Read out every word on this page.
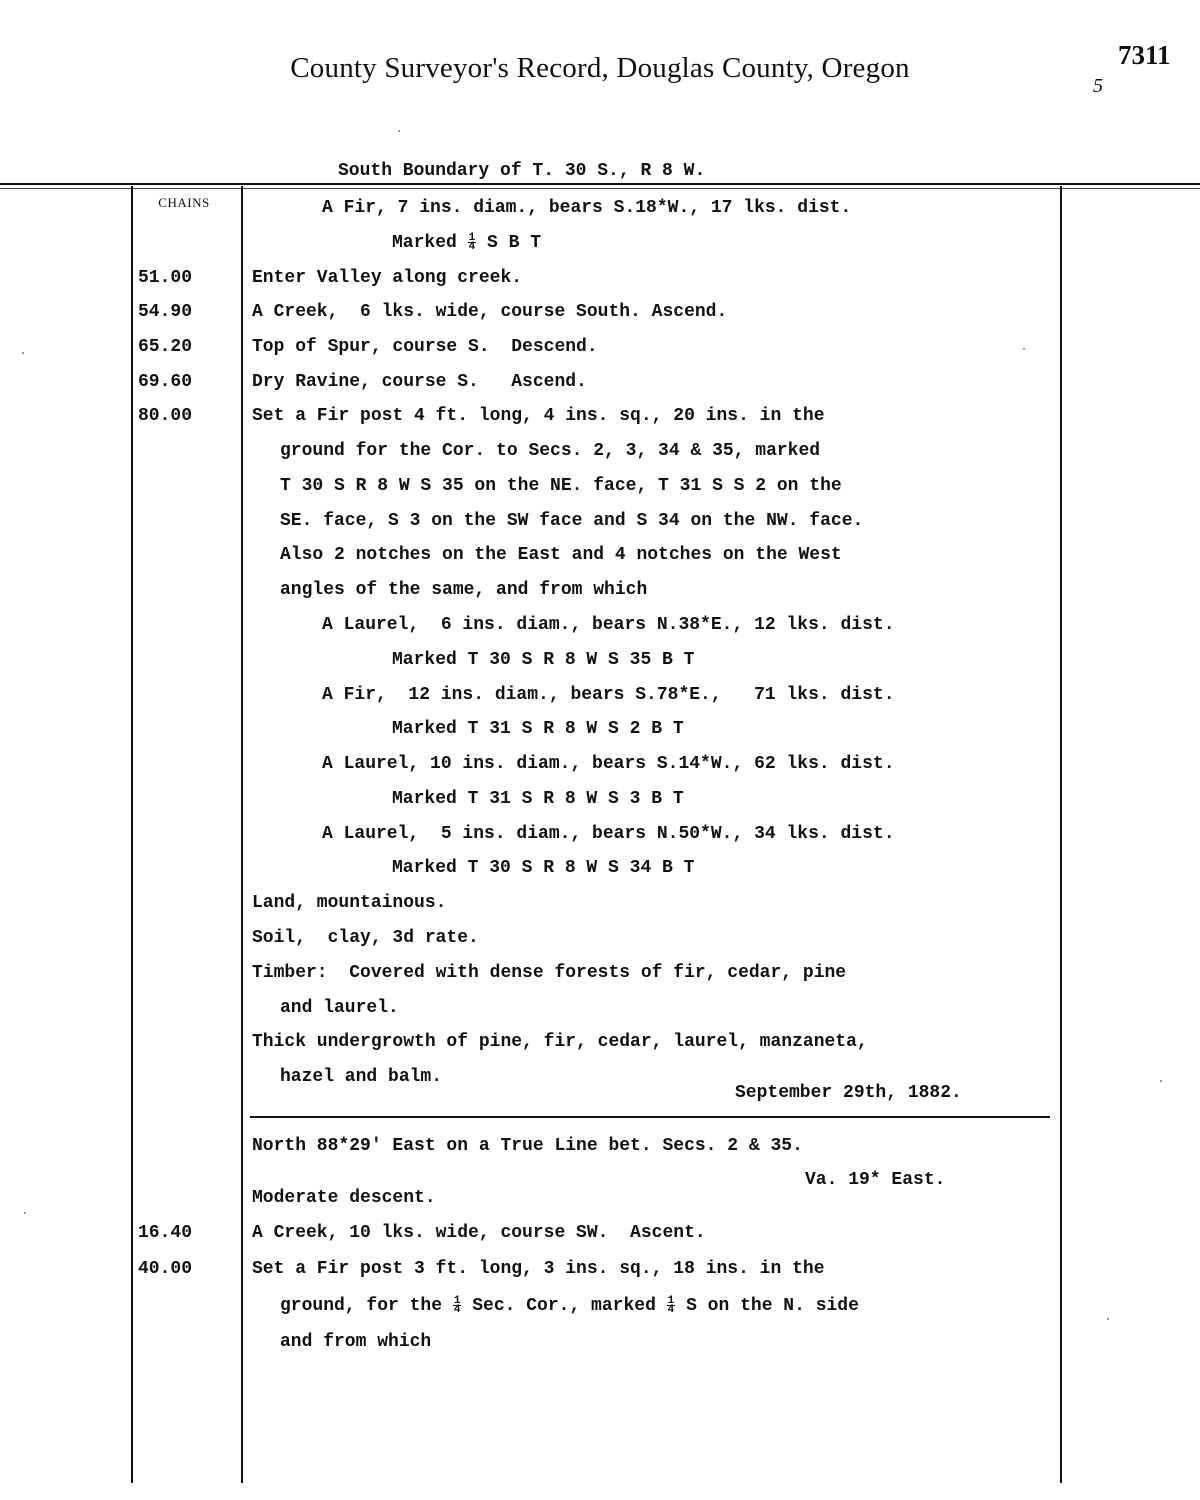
County Surveyor's Record, Douglas County, Oregon	7311
5
South Boundary of T. 30 S., R 8 W.
CHAINS	A Fir, 7 ins. diam., bears S.18*W., 17 lks. dist.
Marked $\frac{1}{4}$ S B T
51.00	Enter Valley along creek.
54.90	A Creek,  6 lks. wide, course South. Ascend.
65.20	Top of Spur, course S.  Descend.
69.60	Dry Ravine, course S.   Ascend.
80.00	Set a Fir post 4 ft. long, 4 ins. sq., 20 ins. in the
ground for the Cor. to Secs. 2, 3, 34 & 35, marked
T 30 S R 8 W S 35 on the NE. face, T 31 S S 2 on the
SE. face, S 3 on the SW face and S 34 on the NW. face.
Also 2 notches on the East and 4 notches on the West
angles of the same, and from which
A Laurel,  6 ins. diam., bears N.38*E., 12 lks. dist.
Marked T 30 S R 8 W S 35 B T
A Fir,  12 ins. diam., bears S.78*E.,   71 lks. dist.
Marked T 31 S R 8 W S 2 B T
A Laurel, 10 ins. diam., bears S.14*W., 62 lks. dist.
Marked T 31 S R 8 W S 3 B T
A Laurel,  5 ins. diam., bears N.50*W., 34 lks. dist.
Marked T 30 S R 8 W S 34 B T
Land, mountainous.
Soil,  clay, 3d rate.
Timber:  Covered with dense forests of fir, cedar, pine
and laurel.
Thick undergrowth of pine, fir, cedar, laurel, manzaneta,
hazel and balm.
September 29th, 1882.
North 88*29' East on a True Line bet. Secs. 2 & 35.
Va. 19* East.
Moderate descent.
16.40	A Creek, 10 lks. wide, course SW.  Ascent.
40.00	Set a Fir post 3 ft. long, 3 ins. sq., 18 ins. in the
ground, for the $\frac{1}{4}$ Sec. Cor., marked $\frac{1}{4}$ S on the N. side
and from which
